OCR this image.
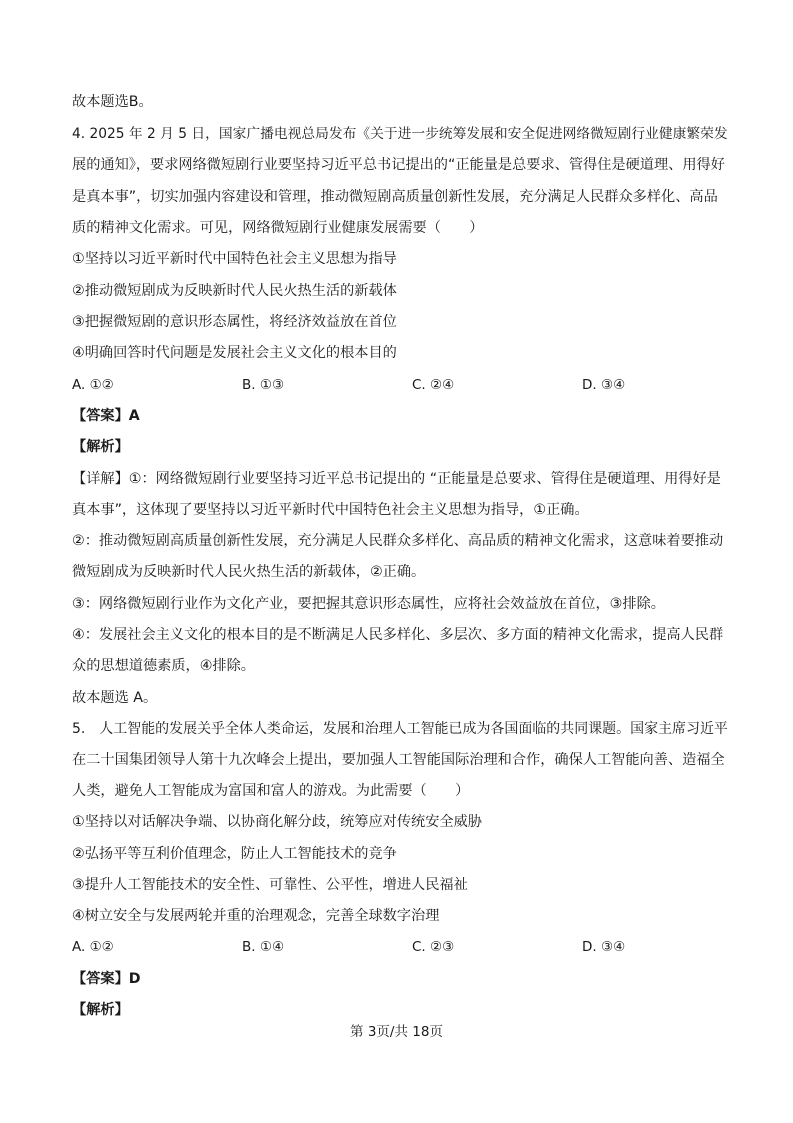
故本题选B。
4. 2025 年 2 月 5 日，国家广播电视总局发布《关于进一步统筹发展和安全促进网络微短剧行业健康繁荣发
展的通知》，要求网络微短剧行业要坚持习近平总书记提出的“正能量是总要求、管得住是硬道理、用得好
是真本事”，切实加强内容建设和管理，推动微短剧高质量创新性发展，充分满足人民群众多样化、高品
质的精神文化需求。可见，网络微短剧行业健康发展需要（　　）
①坚持以习近平新时代中国特色社会主义思想为指导
②推动微短剧成为反映新时代人民火热生活的新载体
③把握微短剧的意识形态属性，将经济效益放在首位
④明确回答时代问题是发展社会主义文化的根本目的
A. ①②	B. ①③	C. ②④	D. ③④
【答案】A
【解析】
【详解】①：网络微短剧行业要坚持习近平总书记提出的 “正能量是总要求、管得住是硬道理、用得好是
真本事”，这体现了要坚持以习近平新时代中国特色社会主义思想为指导，①正确。
②：推动微短剧高质量创新性发展，充分满足人民群众多样化、高品质的精神文化需求，这意味着要推动
微短剧成为反映新时代人民火热生活的新载体，②正确。
③：网络微短剧行业作为文化产业，要把握其意识形态属性，应将社会效益放在首位，③排除。
④：发展社会主义文化的根本目的是不断满足人民多样化、多层次、多方面的精神文化需求，提高人民群
众的思想道德素质，④排除。
故本题选 A。
5.　人工智能的发展关乎全体人类命运，发展和治理人工智能已成为各国面临的共同课题。国家主席习近平
在二十国集团领导人第十九次峰会上提出，要加强人工智能国际治理和合作，确保人工智能向善、造福全
人类，避免人工智能成为富国和富人的游戏。为此需要（　　）
①坚持以对话解决争端、以协商化解分歧，统筹应对传统安全威胁
②弘扬平等互利价值理念，防止人工智能技术的竞争
③提升人工智能技术的安全性、可靠性、公平性，增进人民福祉
④树立安全与发展两轮并重的治理观念，完善全球数字治理
A. ①②	B. ①④	C. ②③	D. ③④
【答案】D
【解析】
第 3页/共 18页
